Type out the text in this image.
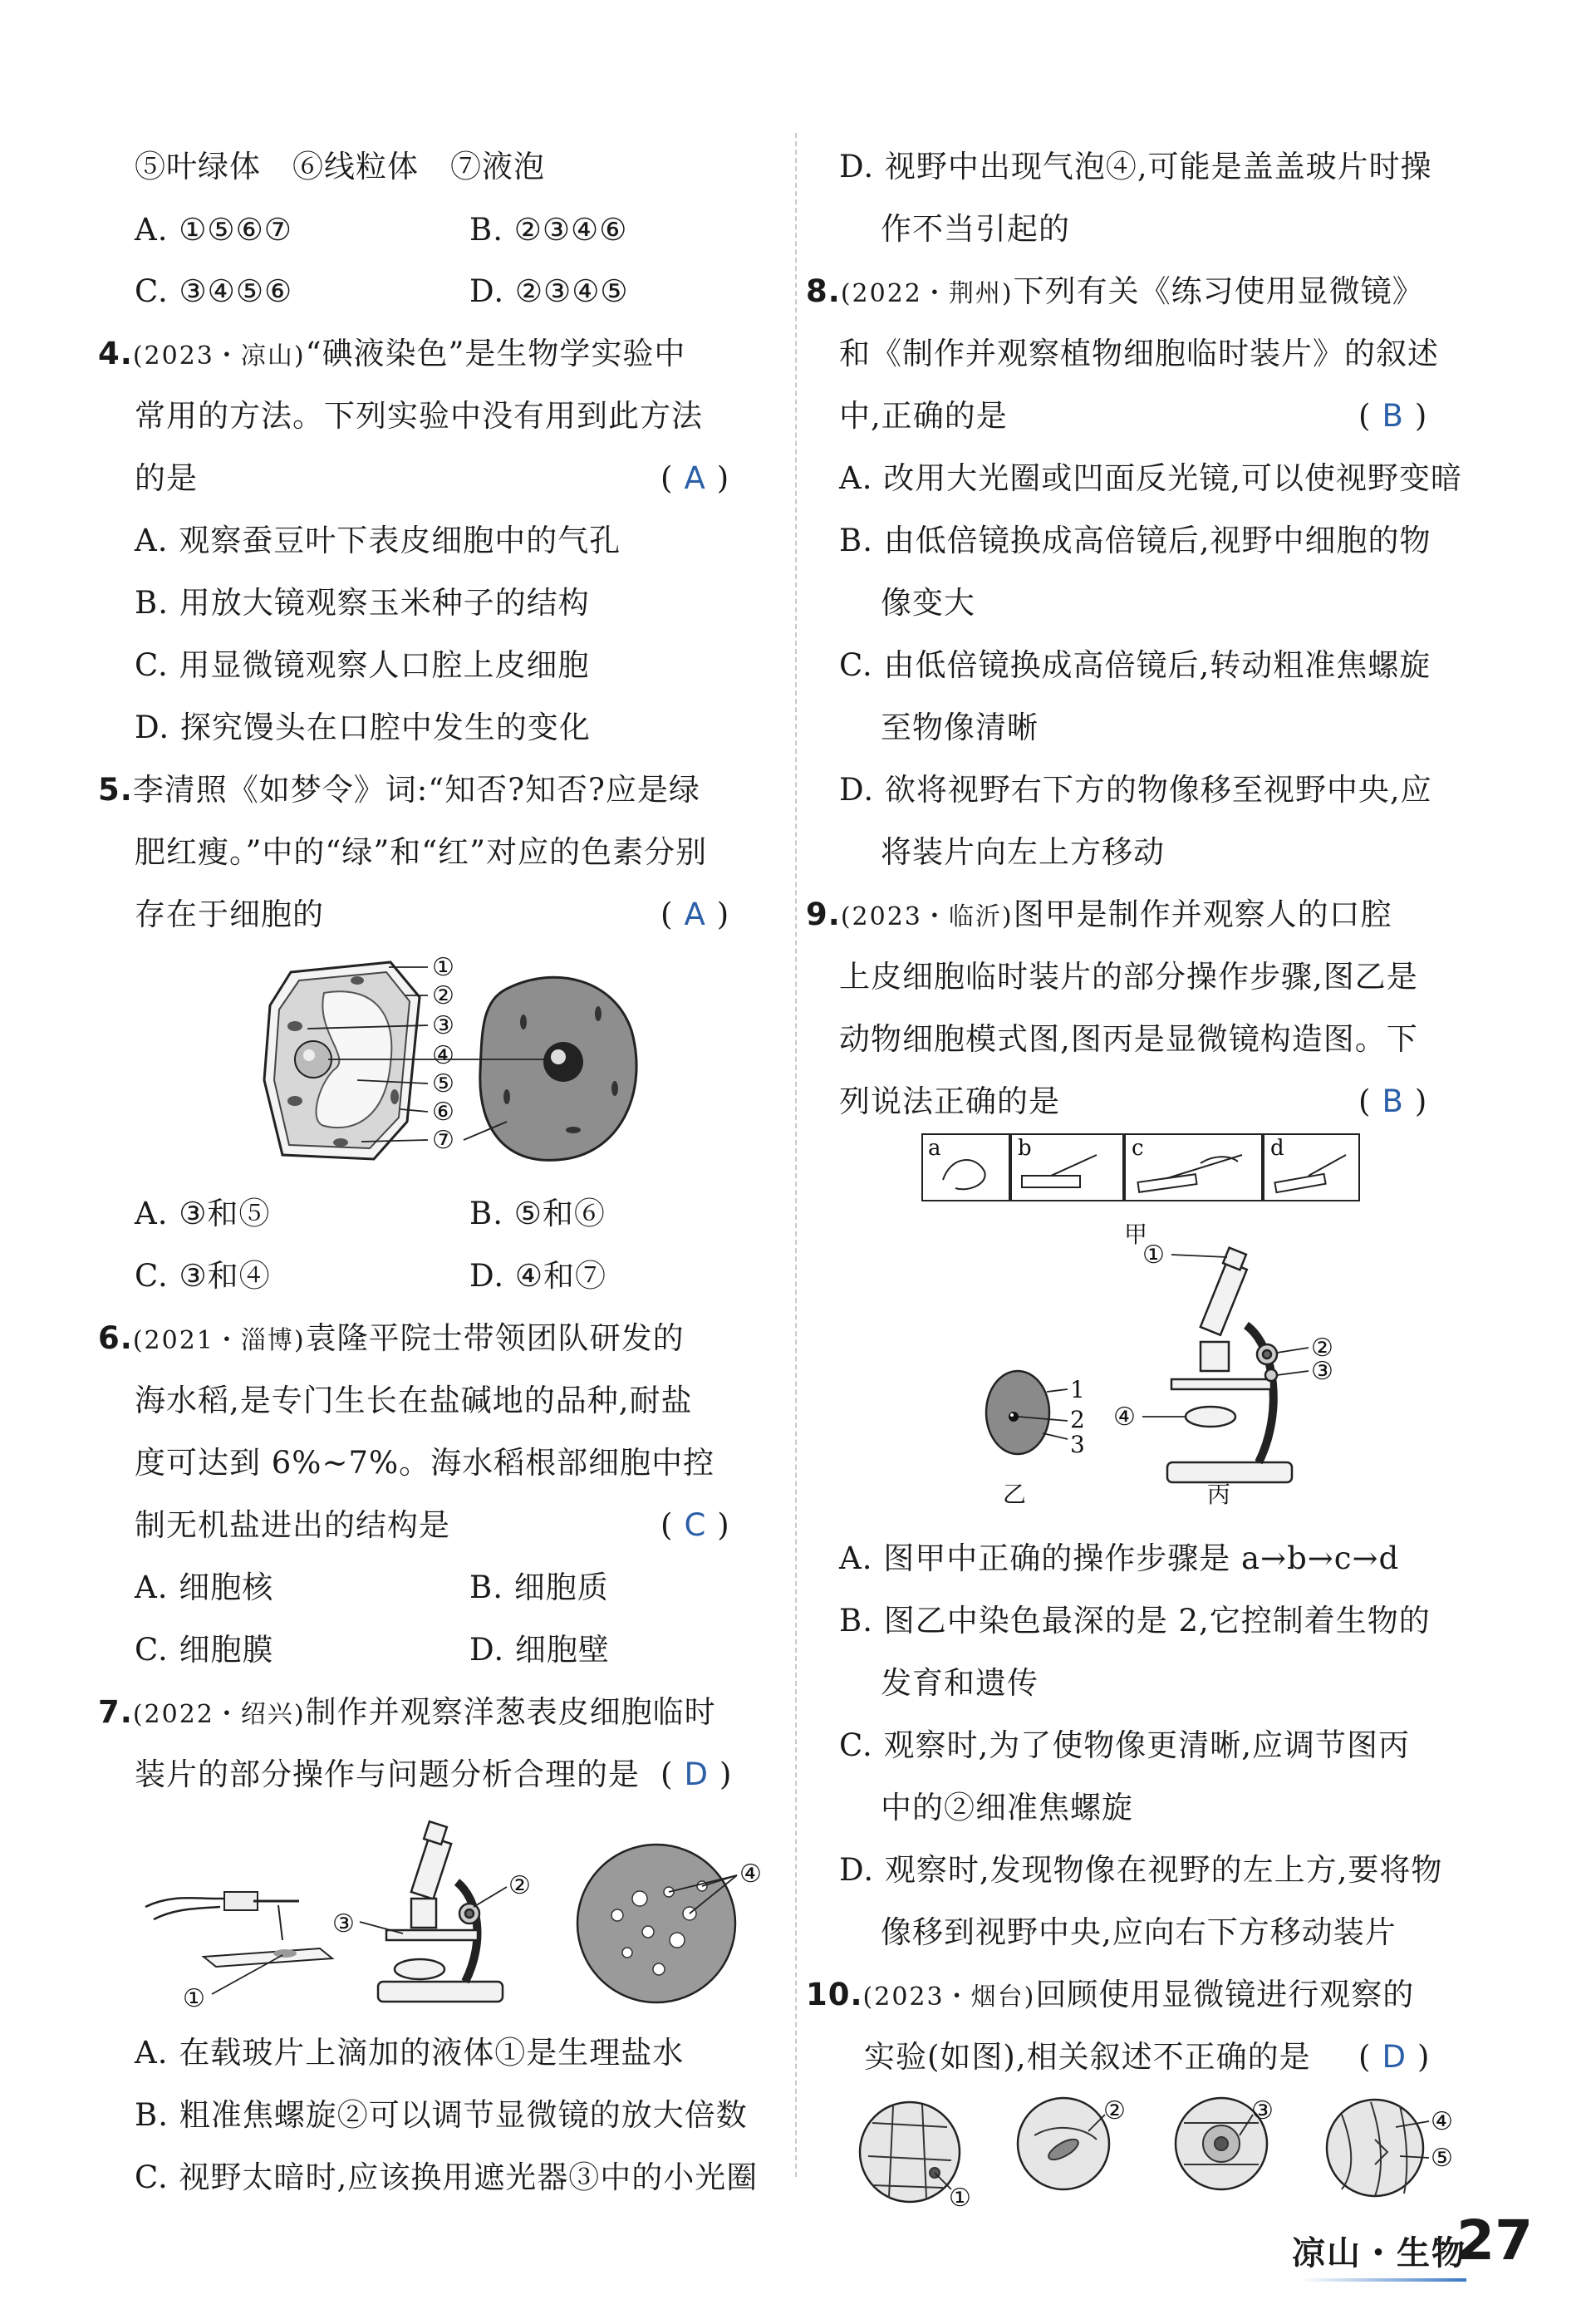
⑤叶绿体　⑥线粒体　⑦液泡
A. ①⑤⑥⑦	B. ②③④⑥
C. ③④⑤⑥	D. ②③④⑤
4.(2023・凉山)“碘液染色”是生物学实验中
常用的方法。下列实验中没有用到此方法
的是	( A )
A. 观察蚕豆叶下表皮细胞中的气孔
B. 用放大镜观察玉米种子的结构
C. 用显微镜观察人口腔上皮细胞
D. 探究馒头在口腔中发生的变化
5.李清照《如梦令》词:“知否?知否?应是绿
肥红瘦。”中的“绿”和“红”对应的色素分别
存在于细胞的	( A )
①
②
③
④
⑤
⑥
⑦
A. ③和⑤	B. ⑤和⑥
C. ③和④	D. ④和⑦
6.(2021・淄博)袁隆平院士带领团队研发的
海水稻,是专门生长在盐碱地的品种,耐盐
度可达到 6%~7%。海水稻根部细胞中控
制无机盐进出的结构是	( C )
A. 细胞核	B. 细胞质
C. 细胞膜	D. 细胞壁
7.(2022・绍兴)制作并观察洋葱表皮细胞临时
装片的部分操作与问题分析合理的是 ( D )
①
②
③
④
A. 在载玻片上滴加的液体①是生理盐水
B. 粗准焦螺旋②可以调节显微镜的放大倍数
C. 视野太暗时,应该换用遮光器③中的小光圈
D. 视野中出现气泡④,可能是盖盖玻片时操
作不当引起的
8.(2022・荆州)下列有关《练习使用显微镜》
和《制作并观察植物细胞临时装片》的叙述
中,正确的是	( B )
A. 改用大光圈或凹面反光镜,可以使视野变暗
B. 由低倍镜换成高倍镜后,视野中细胞的物
像变大
C. 由低倍镜换成高倍镜后,转动粗准焦螺旋
至物像清晰
D. 欲将视野右下方的物像移至视野中央,应
将装片向左上方移动
9.(2023・临沂)图甲是制作并观察人的口腔
上皮细胞临时装片的部分操作步骤,图乙是
动物细胞模式图,图丙是显微镜构造图。下
列说法正确的是	( B )
a	b	c	d
甲
1
2
3
乙
①
②
③
④
丙
A. 图甲中正确的操作步骤是 a→b→c→d
B. 图乙中染色最深的是 2,它控制着生物的
发育和遗传
C. 观察时,为了使物像更清晰,应调节图丙
中的②细准焦螺旋
D. 观察时,发现物像在视野的左上方,要将物
像移到视野中央,应向右下方移动装片
10.(2023・烟台)回顾使用显微镜进行观察的
实验(如图),相关叙述不正确的是 ( D )
①
②	③	④
⑤
凉山・生物
27
